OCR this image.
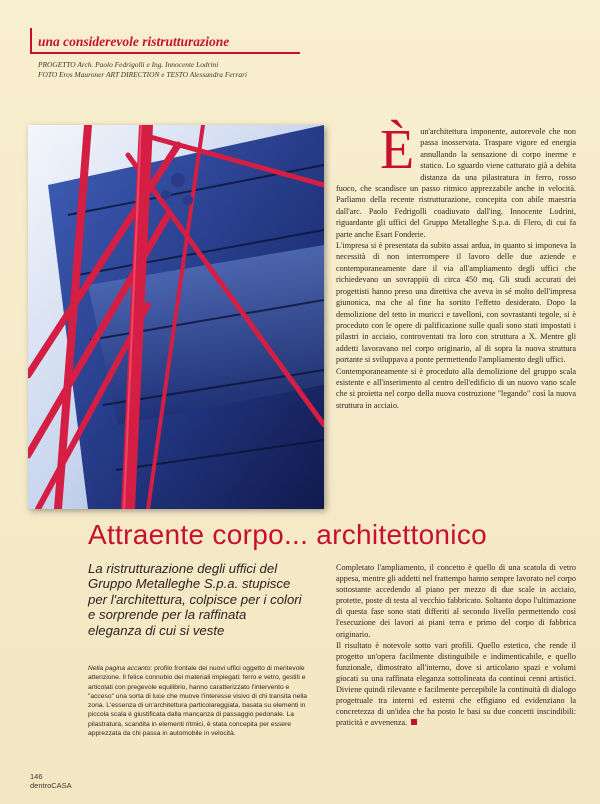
una considerevole ristrutturazione
PROGETTO Arch. Paolo Fedrigolli e Ing. Innocente Lodrini
FOTO Eros Mauroner ART DIRECTION e TESTO Alessandra Ferrari
È un'architettura imponente, autorevole che non passa inosservata. Traspare vigore ed energia annullando la sensazione di corpo inerme e statico. Lo sguardo viene catturato già a debita distanza da una pilastratura in ferro, rosso fuoco, che scandisce un passo ritmico apprezzabile anche in velocità. Parliamo della recente ristrutturazione, concepita con abile maestria dall'arc. Paolo Fedrigolli coadiuvato dall'ing. Innocente Lodrini, riguardante gli uffici del Gruppo Metalleghe S.p.a. di Flero, di cui fa parte anche Esart Fonderie.

L'impresa si è presentata da subito assai ardua, in quanto si imponeva la necessità di non interrompere il lavoro delle due aziende e contemporaneamente dare il via all'ampliamento degli uffici che richiedevano un sovrappiù di circa 450 mq. Gli studi accurati dei progettisti hanno preso una direttiva che aveva in sé molto dell'impresa giunonica, ma che al fine ha sortito l'effetto desiderato. Dopo la demolizione del tetto in muricci e tavelloni, con sovrastanti tegole, si è proceduto con le opere di palificazione sulle quali sono stati impostati i pilastri in acciaio, controventati tra loro con struttura a X. Mentre gli addetti lavoravano nel corpo originario, al di sopra la nuova struttura portante si sviluppava a ponte permettendo l'ampliamento degli uffici.

Contemporaneamente si è proceduto alla demolizione del gruppo scala esistente e all'inserimento al centro dell'edificio di un nuovo vano scale che si proietta nel corpo della nuova costruzione "legando" così la nuova struttura in acciaio.

Attraente corpo... architettonico
La ristrutturazione degli uffici del Gruppo Metalleghe S.p.a. stupisce per l'architettura, colpisce per i colori e sorprende per la raffinata eleganza di cui si veste
Nella pagina accanto: profilo frontale dei nuovi uffici oggetto di meritevole attenzione. Il felice connubio dei materiali impiegati: ferro e vetro, gestiti e articolati con pregevole equilibrio, hanno caratterizzato l'intervento e "acceso" una sorta di luce che muove l'interesse visivo di chi transita nella zona. L'essenza di un'architettura particolareggiata, basata su elementi in piccola scala è giustificata dalla mancanza di passaggio pedonale. La pilastratura, scandita in elementi ritmici, è stata concepita per essere apprezzata da chi passa in automobile in velocità.

Completato l'ampliamento, il concetto è quello di una scatola di vetro appesa, mentre gli addetti nel frattempo hanno sempre lavorato nel corpo sottostante accedendo al piano per mezzo di due scale in acciaio, protette, poste di testa al vecchio fabbricato. Soltanto dopo l'ultimazione di questa fase sono stati differiti al secondo livello permettendo così l'esecuzione dei lavori ai piani terra e primo del corpo di fabbrica originario.

Il risultato è notevole sotto vari profili. Quello estetico, che rende il progetto un'opera facilmente distinguibile e indimenticabile, e quello funzionale, dimostrato all'interno, dove si articolano spazi e volumi giocati su una raffinata eleganza sottolineata da continui cenni artistici. Diviene quindi rilevante e facilmente percepibile la continuità di dialogo progettuale tra interni ed esterni che effigiano ed evidenziano la concretezza di un'idea che ha posto le basi su due concetti inscindibili: praticità e avvenenza.

146
dentroCASA
